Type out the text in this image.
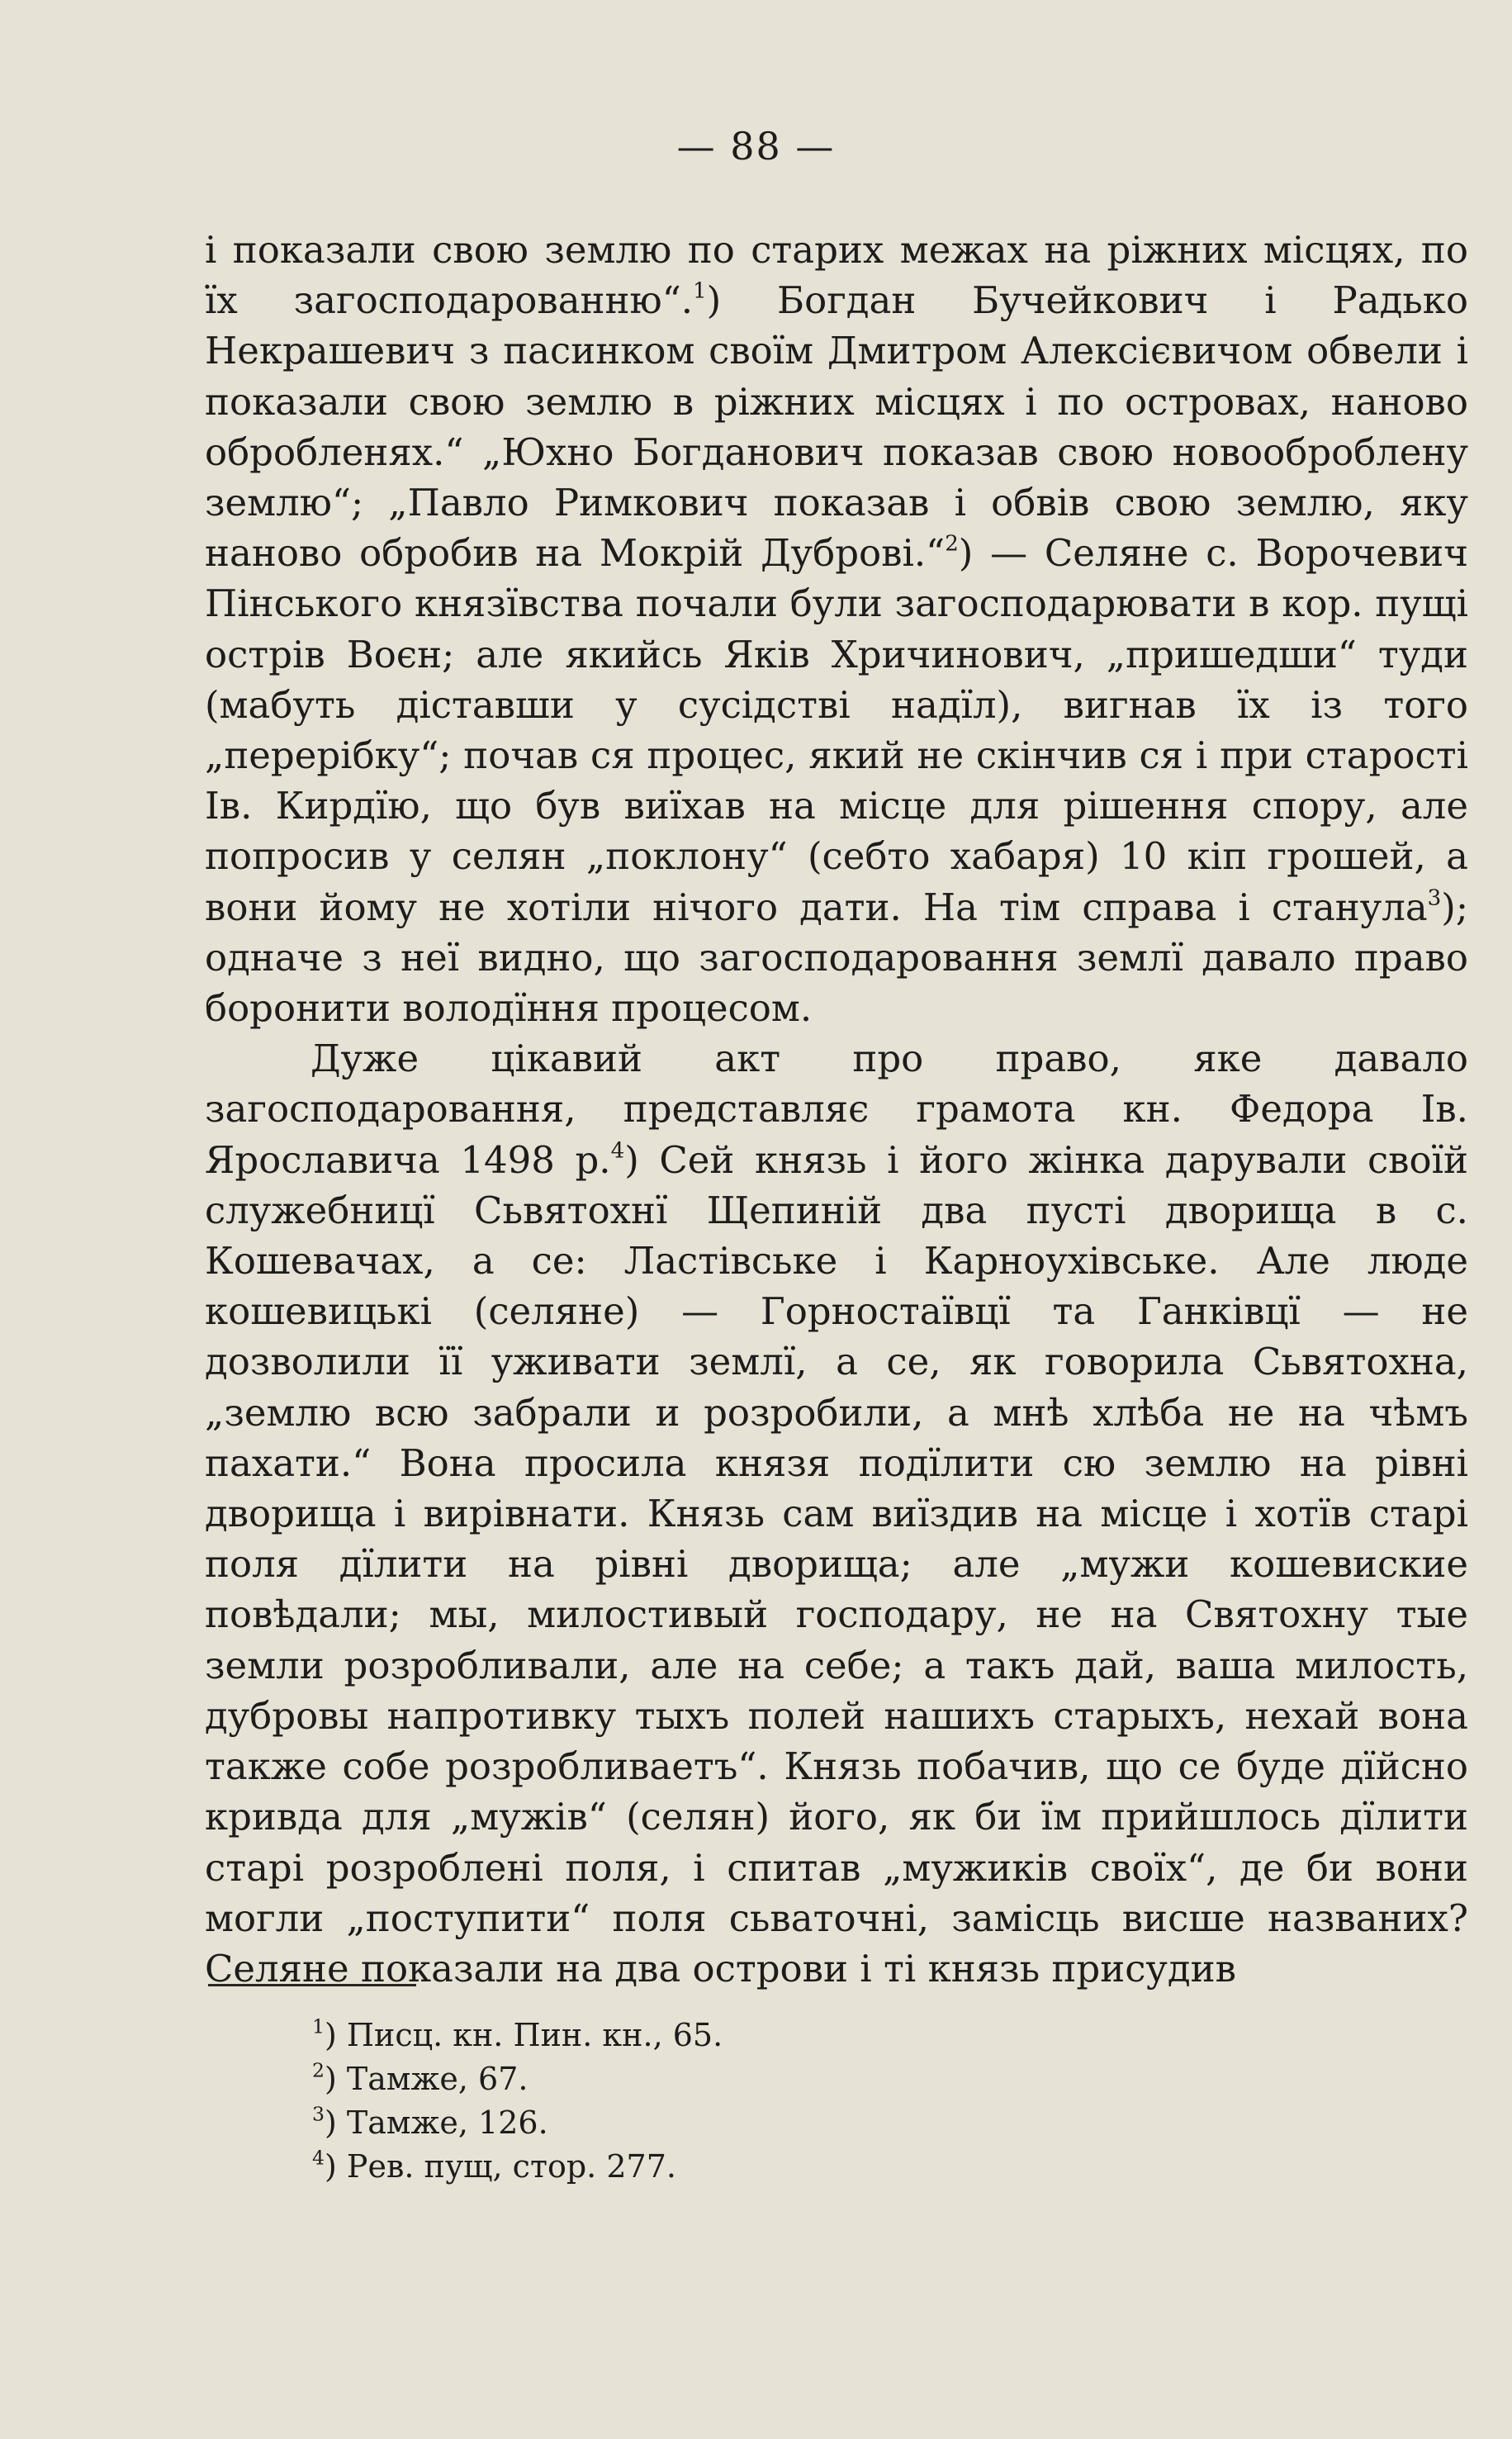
— 88 —

і показали свою землю по старих межах на ріжних місцях, по їх загосподарованню“.$^1$) Богдан Бучейкович і Радько Некрашевич з пасинком своїм Дмитром Алексієвичом обвели і показали свою землю в ріжних місцях і по островах, наново обробленях.“ „Юхно Богданович показав свою новооброблену землю“; „Павло Римкович показав і обвів свою землю, яку наново обробив на Мокрій Дуброві.“$^2$) — Селяне с. Ворочевич Пінського князївства почали були загосподарювати в кор. пущі острів Воєн; але якийсь Яків Хричинович, „пришедши“ туди (мабуть діставши у сусідстві надїл), вигнав їх із того „перерібку“; почав ся процес, який не скінчив ся і при старості Ів. Кирдїю, що був виїхав на місце для рішення спору, але попросив у селян „поклону“ (себто хабаря) 10 кіп грошей, а вони йому не хотіли нічого дати. На тім справа і станула$^3$); одначе з неї видно, що загосподаровання землї давало право боронити володїння процесом.

Дуже цікавий акт про право, яке давало загосподаровання, представляє грамота кн. Федора Ів. Ярославича 1498 р.$^4$) Сей князь і його жінка дарували своїй служебницї Сьвятохнї Щепиній два пусті дворища в с. Кошевачах, а се: Ластівське і Карноухівське. Але люде кошевицькі (селяне) — Горностаївцї та Ганківцї — не дозволили її уживати землї, а се, як говорила Сьвятохна, „землю всю забрали и розробили, а мнѣ хлѣба не на чѣмъ пахати.“ Вона просила князя подїлити сю землю на рівні дворища і вирівнати. Князь сам виїздив на місце і хотїв старі поля дїлити на рівні дворища; але „мужи кошевиские повѣдали; мы, милостивый господару, не на Святохну тые земли розробливали, але на себе; а такъ дай, ваша милость, дубровы напротивку тыхъ полей нашихъ старыхъ, нехай вона также собе розробливаетъ“. Князь побачив, що се буде дїйсно кривда для „мужів“ (селян) його, як би їм прийшлось дїлити старі розроблені поля, і спитав „мужиків своїх“, де би вони могли „поступити“ поля сьваточні, замісць висше названих? Селяне показали на два острови і ті князь присудив

$^1$) Писц. кн. Пин. кн., 65.
$^2$) Тамже, 67.
$^3$) Тамже, 126.
$^4$) Рев. пущ, стор. 277.
